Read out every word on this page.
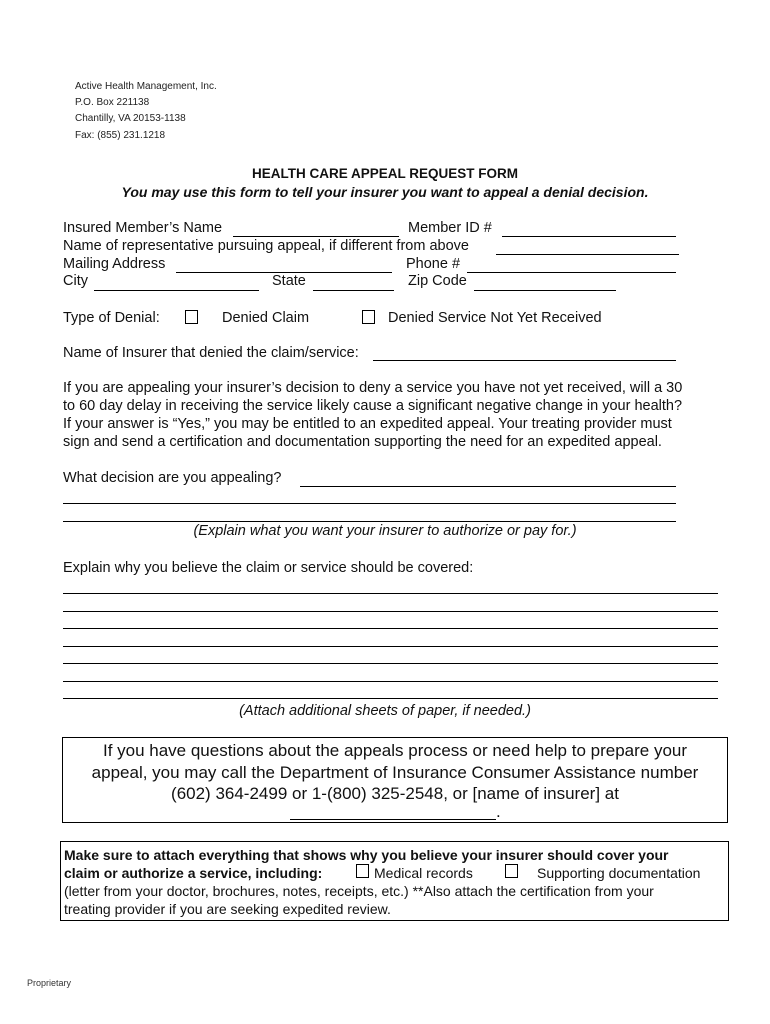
Active Health Management, Inc.
P.O. Box 221138
Chantilly, VA 20153-1138
Fax: (855) 231.1218
HEALTH CARE APPEAL REQUEST FORM
You may use this form to tell your insurer you want to appeal a denial decision.
Insured Member’s Name	Member ID #
Name of representative pursuing appeal, if different from above
Mailing Address	Phone #
City	State	Zip Code
Type of Denial:	Denied Claim	Denied Service Not Yet Received
Name of Insurer that denied the claim/service:
If you are appealing your insurer’s decision to deny a service you have not yet received, will a 30
to 60 day delay in receiving the service likely cause a significant negative change in your health?
If your answer is “Yes,” you may be entitled to an expedited appeal. Your treating provider must
sign and send a certification and documentation supporting the need for an expedited appeal.
What decision are you appealing?
(Explain what you want your insurer to authorize or pay for.)
Explain why you believe the claim or service should be covered:
(Attach additional sheets of paper, if needed.)
If you have questions about the appeals process or need help to prepare your
appeal, you may call the Department of Insurance Consumer Assistance number
(602) 364-2499 or 1-(800) 325-2548, or [name of insurer] at
.
Make sure to attach everything that shows why you believe your insurer should cover your
claim or authorize a service, including:	Medical records	Supporting documentation
(letter from your doctor, brochures, notes, receipts, etc.) **Also attach the certification from your
treating provider if you are seeking expedited review.
Proprietary
